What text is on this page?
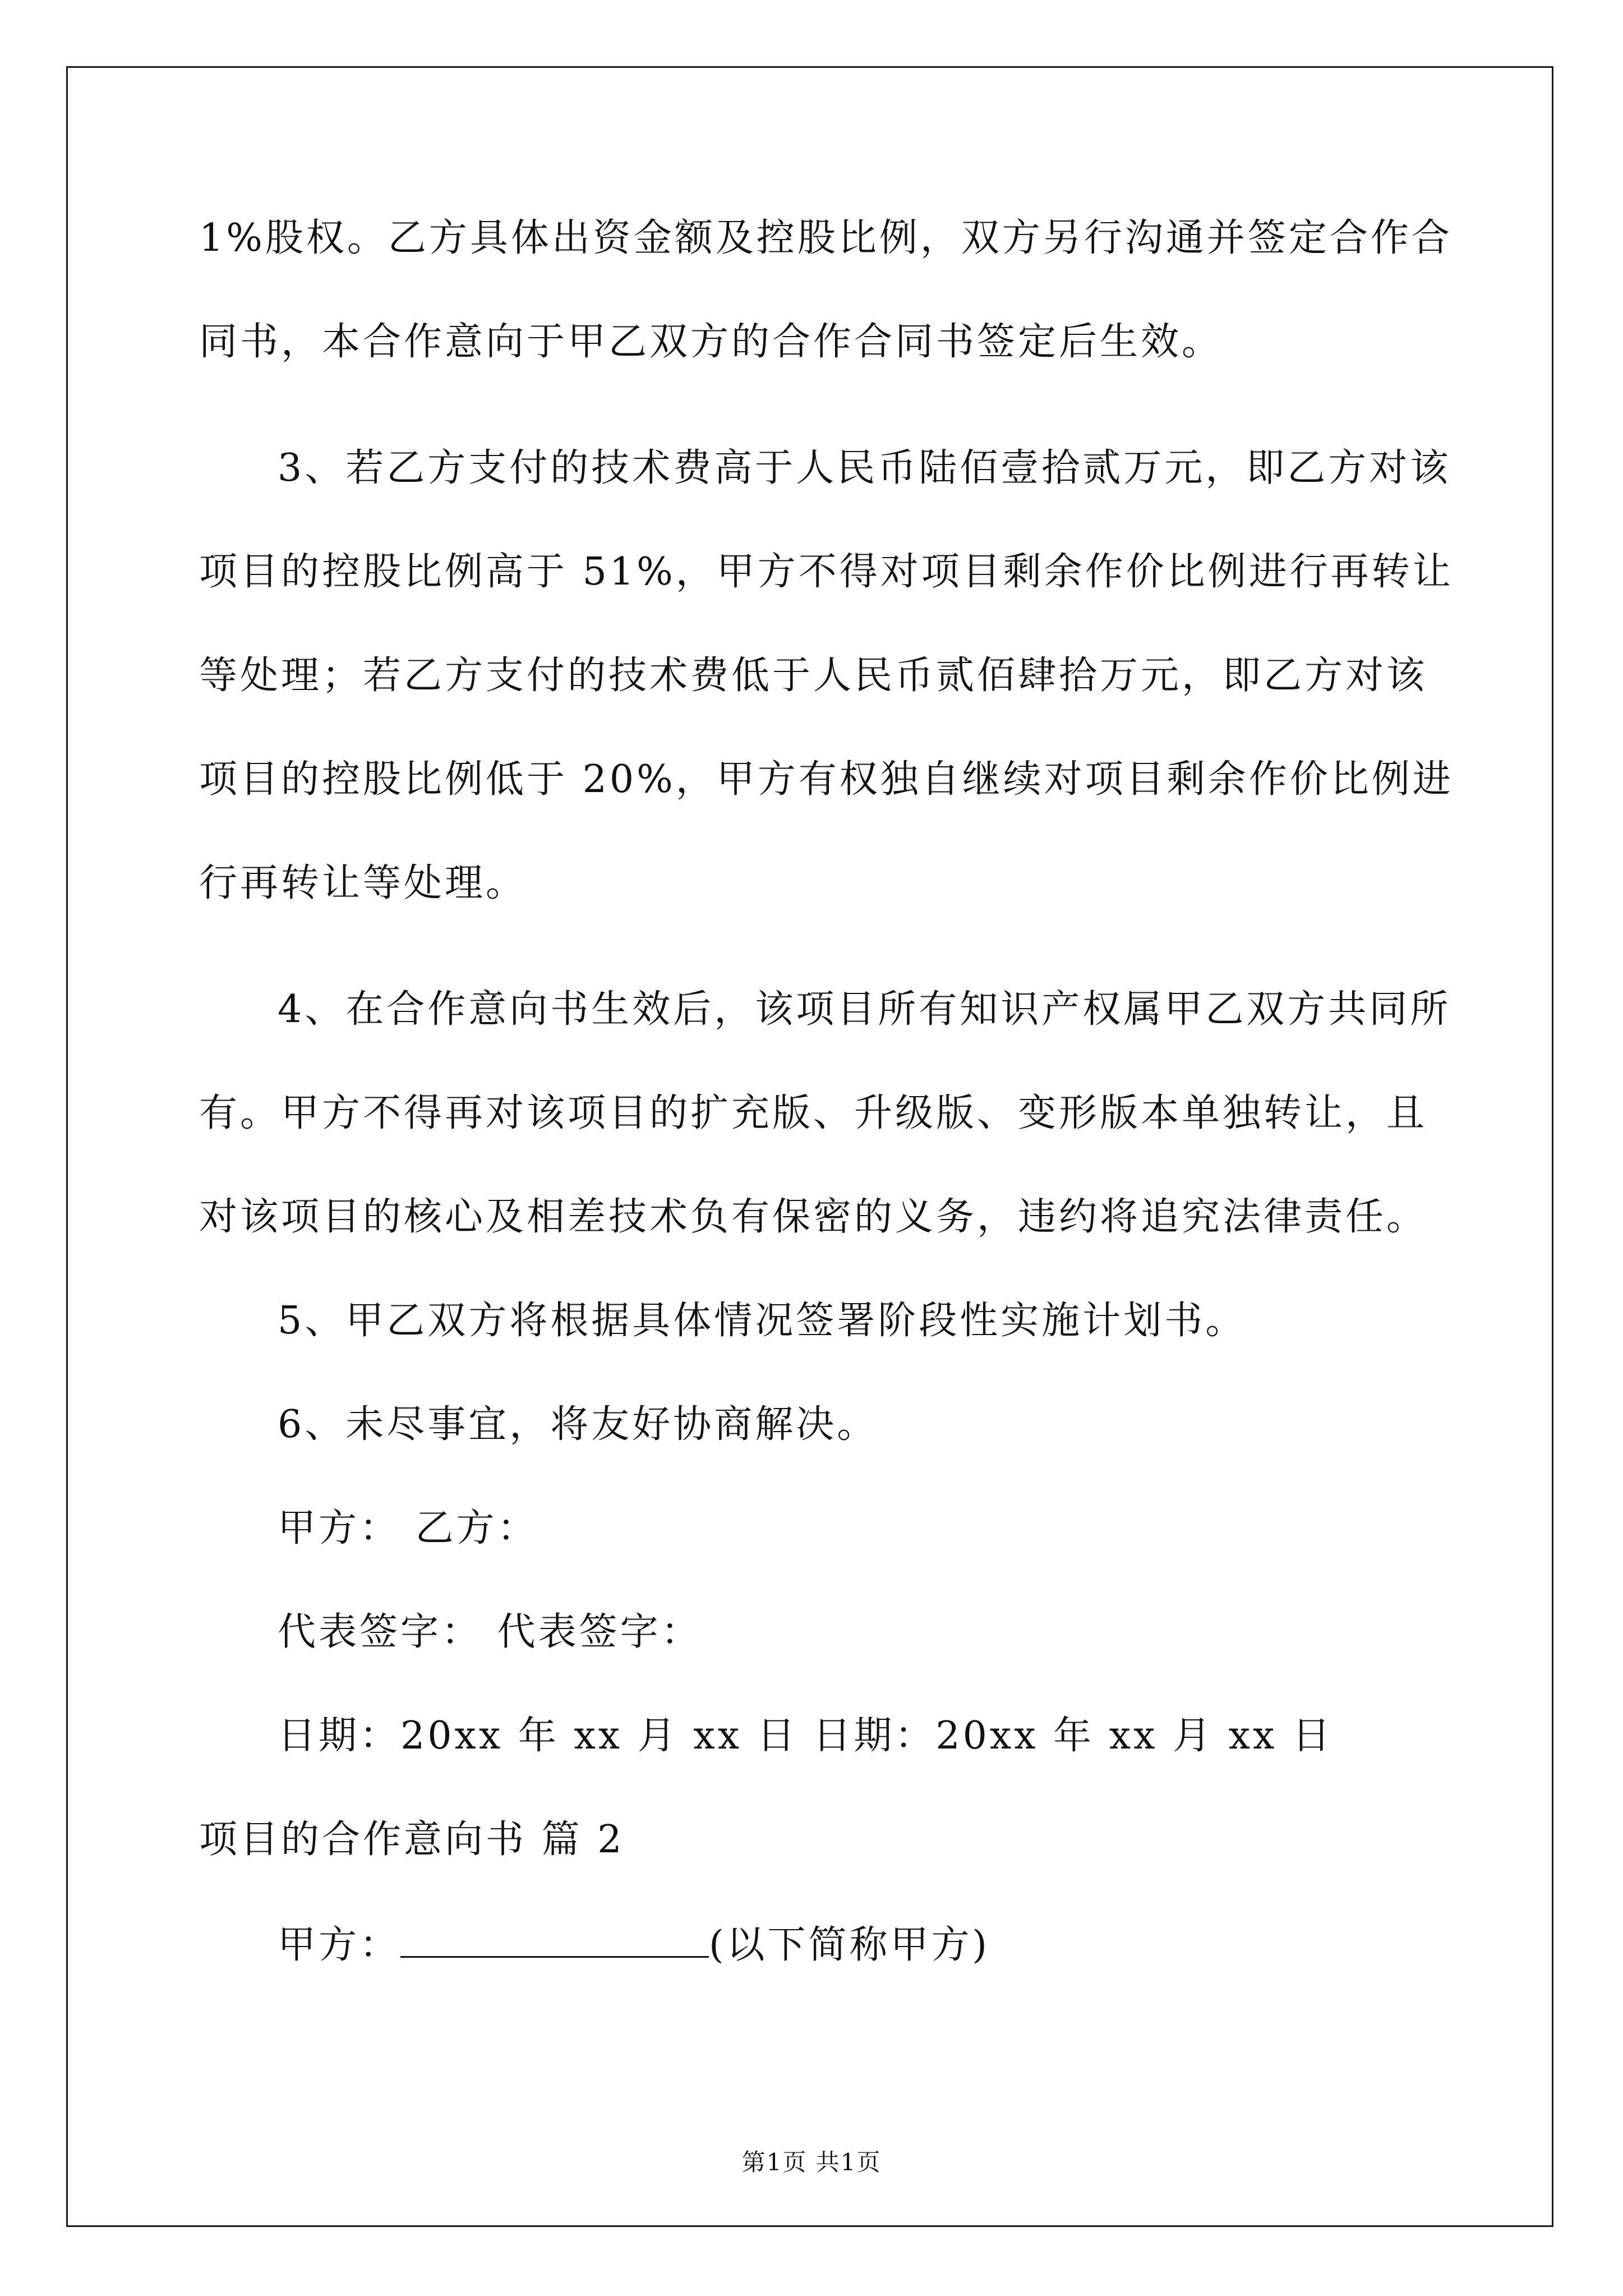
1%股权。乙方具体出资金额及控股比例，双方另行沟通并签定合作合
同书，本合作意向于甲乙双方的合作合同书签定后生效。
3、若乙方支付的技术费高于人民币陆佰壹拾贰万元，即乙方对该
项目的控股比例高于 51%，甲方不得对项目剩余作价比例进行再转让
等处理；若乙方支付的技术费低于人民币贰佰肆拾万元，即乙方对该
项目的控股比例低于 20%，甲方有权独自继续对项目剩余作价比例进
行再转让等处理。
4、在合作意向书生效后，该项目所有知识产权属甲乙双方共同所
有。甲方不得再对该项目的扩充版、升级版、变形版本单独转让，且
对该项目的核心及相差技术负有保密的义务，违约将追究法律责任。
5、甲乙双方将根据具体情况签署阶段性实施计划书。
6、未尽事宜，将友好协商解决。
甲方： 乙方：
代表签字： 代表签字：
日期：20xx 年 xx 月 xx 日 日期：20xx 年 xx 月 xx 日
项目的合作意向书 篇 2
甲方：	(以下简称甲方)
第1页 共1页
